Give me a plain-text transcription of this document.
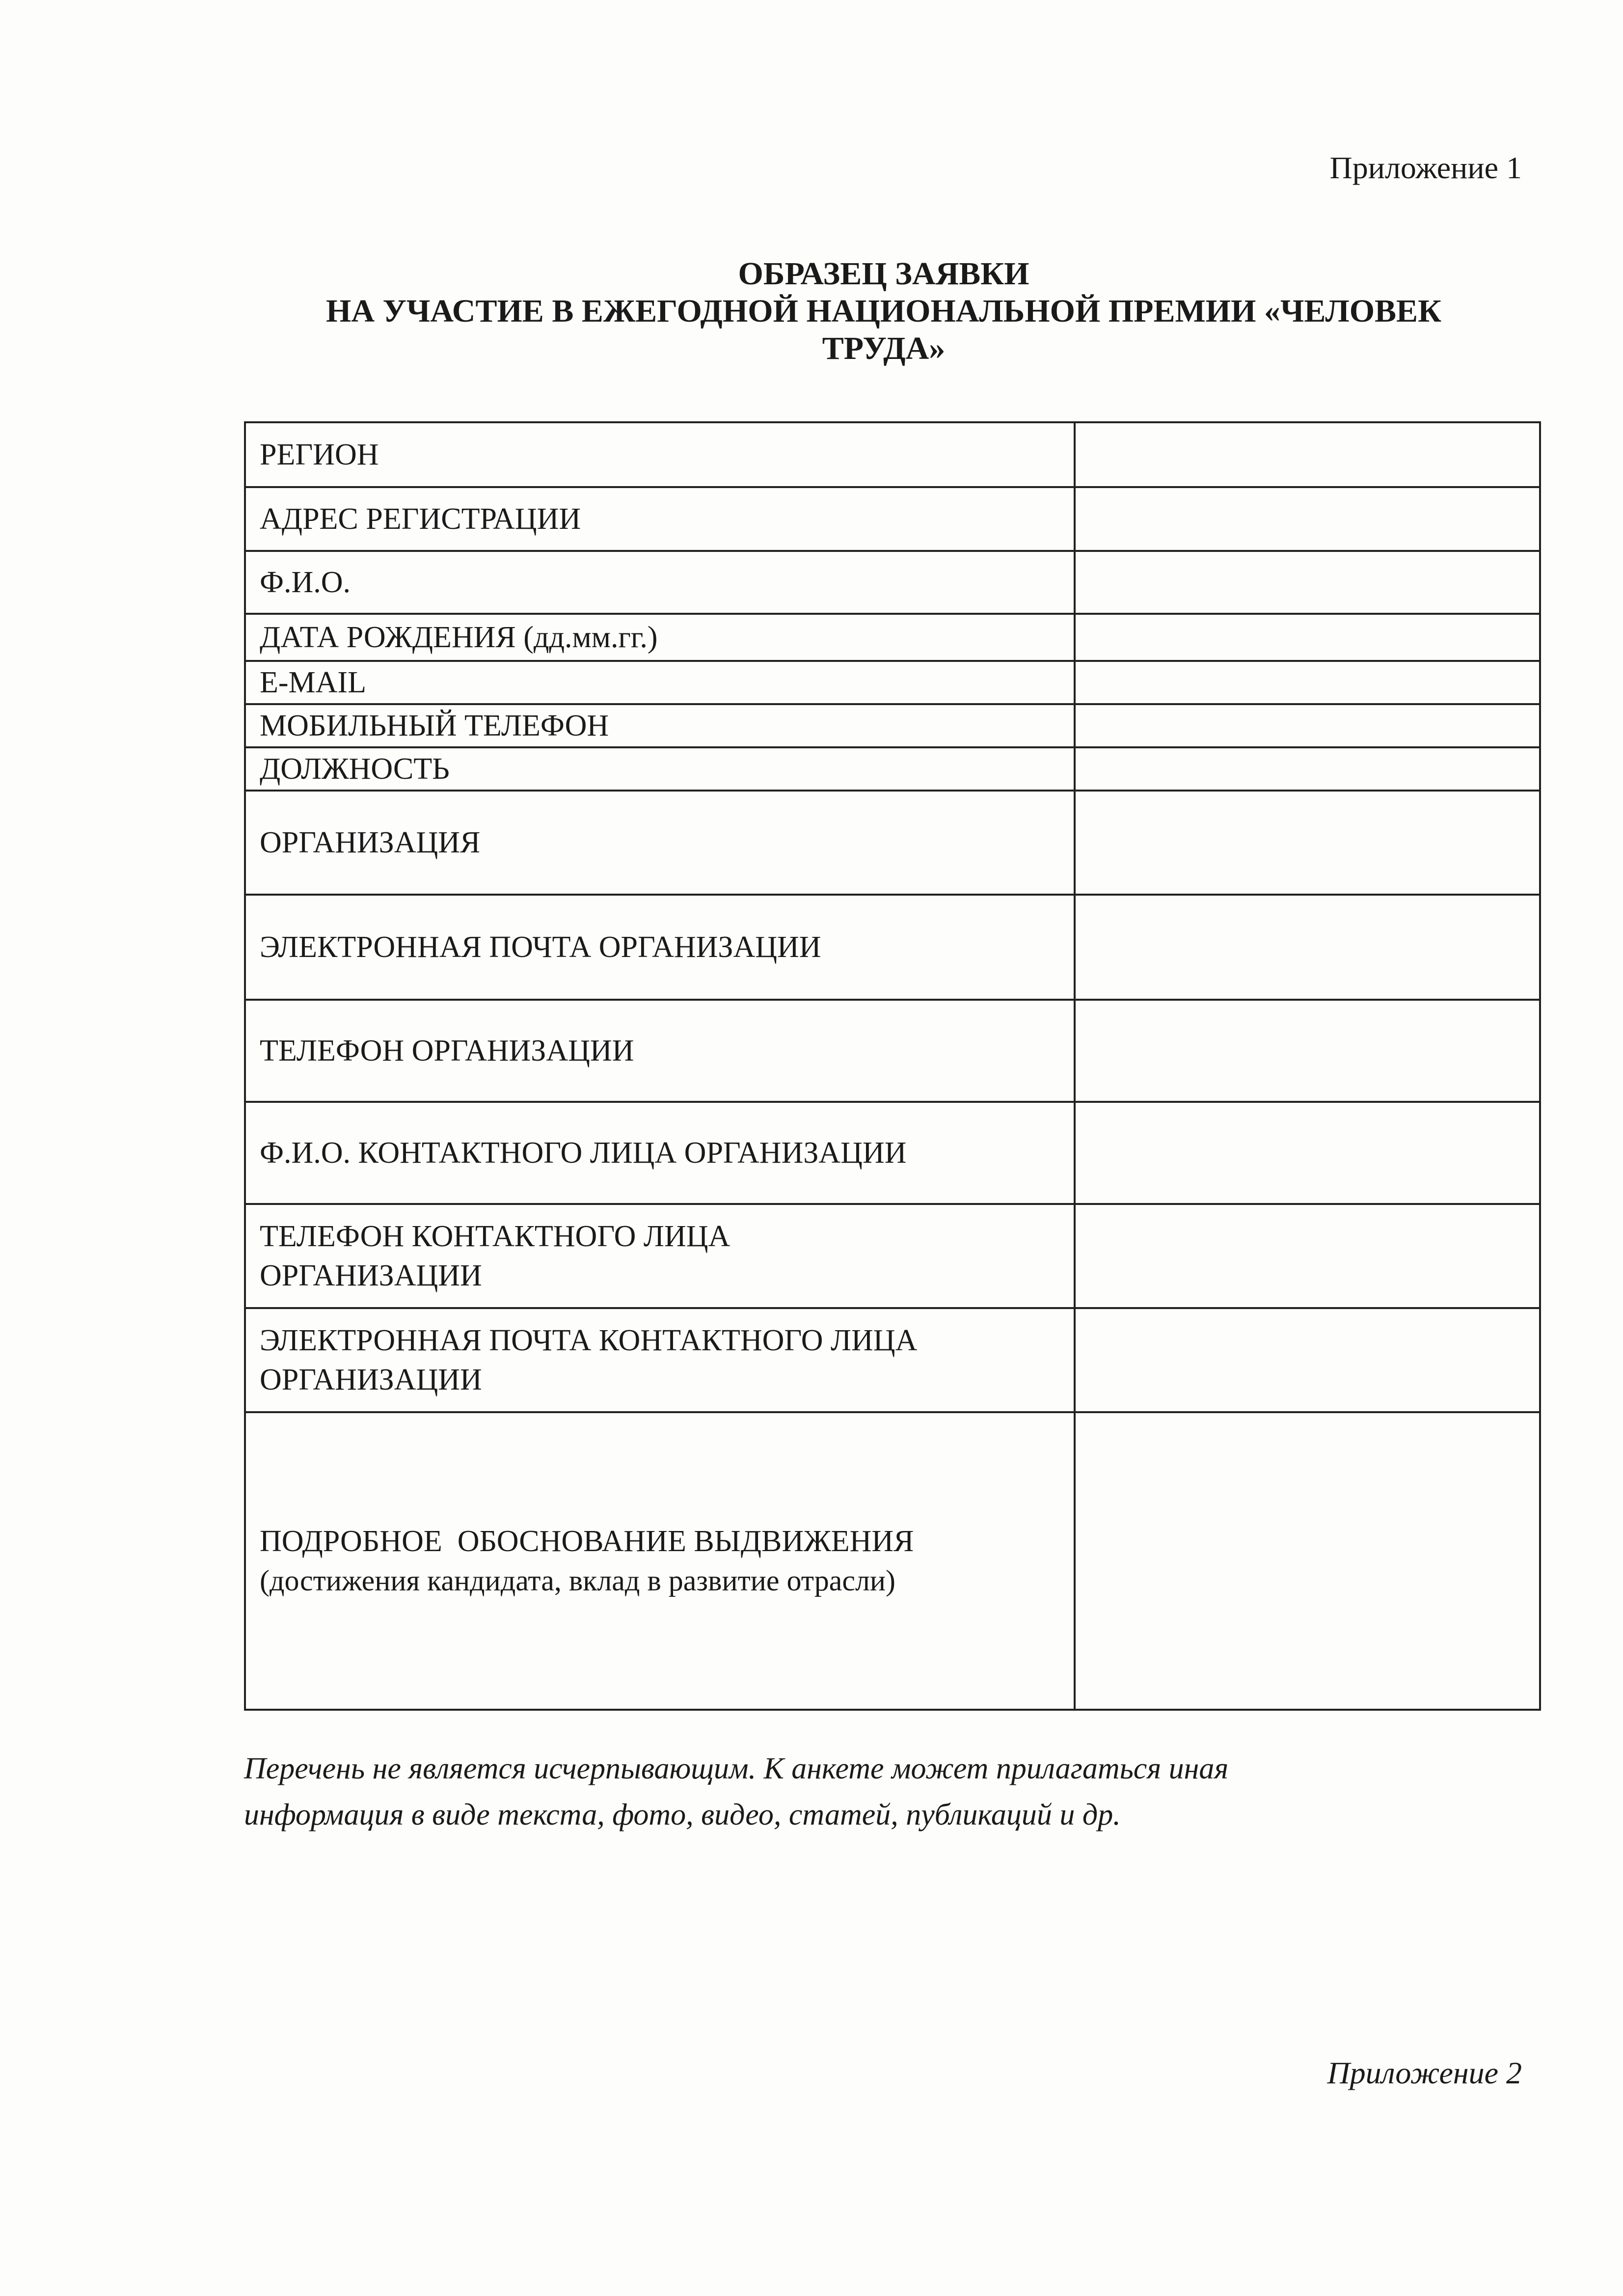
Приложение 1
ОБРАЗЕЦ ЗАЯВКИ
НА УЧАСТИЕ В ЕЖЕГОДНОЙ НАЦИОНАЛЬНОЙ ПРЕМИИ «ЧЕЛОВЕК
ТРУДА»
РЕГИОН	
АДРЕС РЕГИСТРАЦИИ	
Ф.И.О.	
ДАТА РОЖДЕНИЯ (дд.мм.гг.)	
E-MAIL	
МОБИЛЬНЫЙ ТЕЛЕФОН	
ДОЛЖНОСТЬ	
ОРГАНИЗАЦИЯ	
ЭЛЕКТРОННАЯ ПОЧТА ОРГАНИЗАЦИИ	
ТЕЛЕФОН ОРГАНИЗАЦИИ	
Ф.И.О. КОНТАКТНОГО ЛИЦА ОРГАНИЗАЦИИ	

ТЕЛЕФОН КОНТАКТНОГО ЛИЦА
ОРГАНИЗАЦИИ	

ЭЛЕКТРОННАЯ ПОЧТА КОНТАКТНОГО ЛИЦА
ОРГАНИЗАЦИИ	

ПОДРОБНОЕ  ОБОСНОВАНИЕ ВЫДВИЖЕНИЯ
(достижения кандидата, вклад в развитие отрасли)	

Перечень не является исчерпывающим. К анкете может прилагаться иная
информация в виде текста, фото, видео, статей, публикаций и др.
Приложение 2
